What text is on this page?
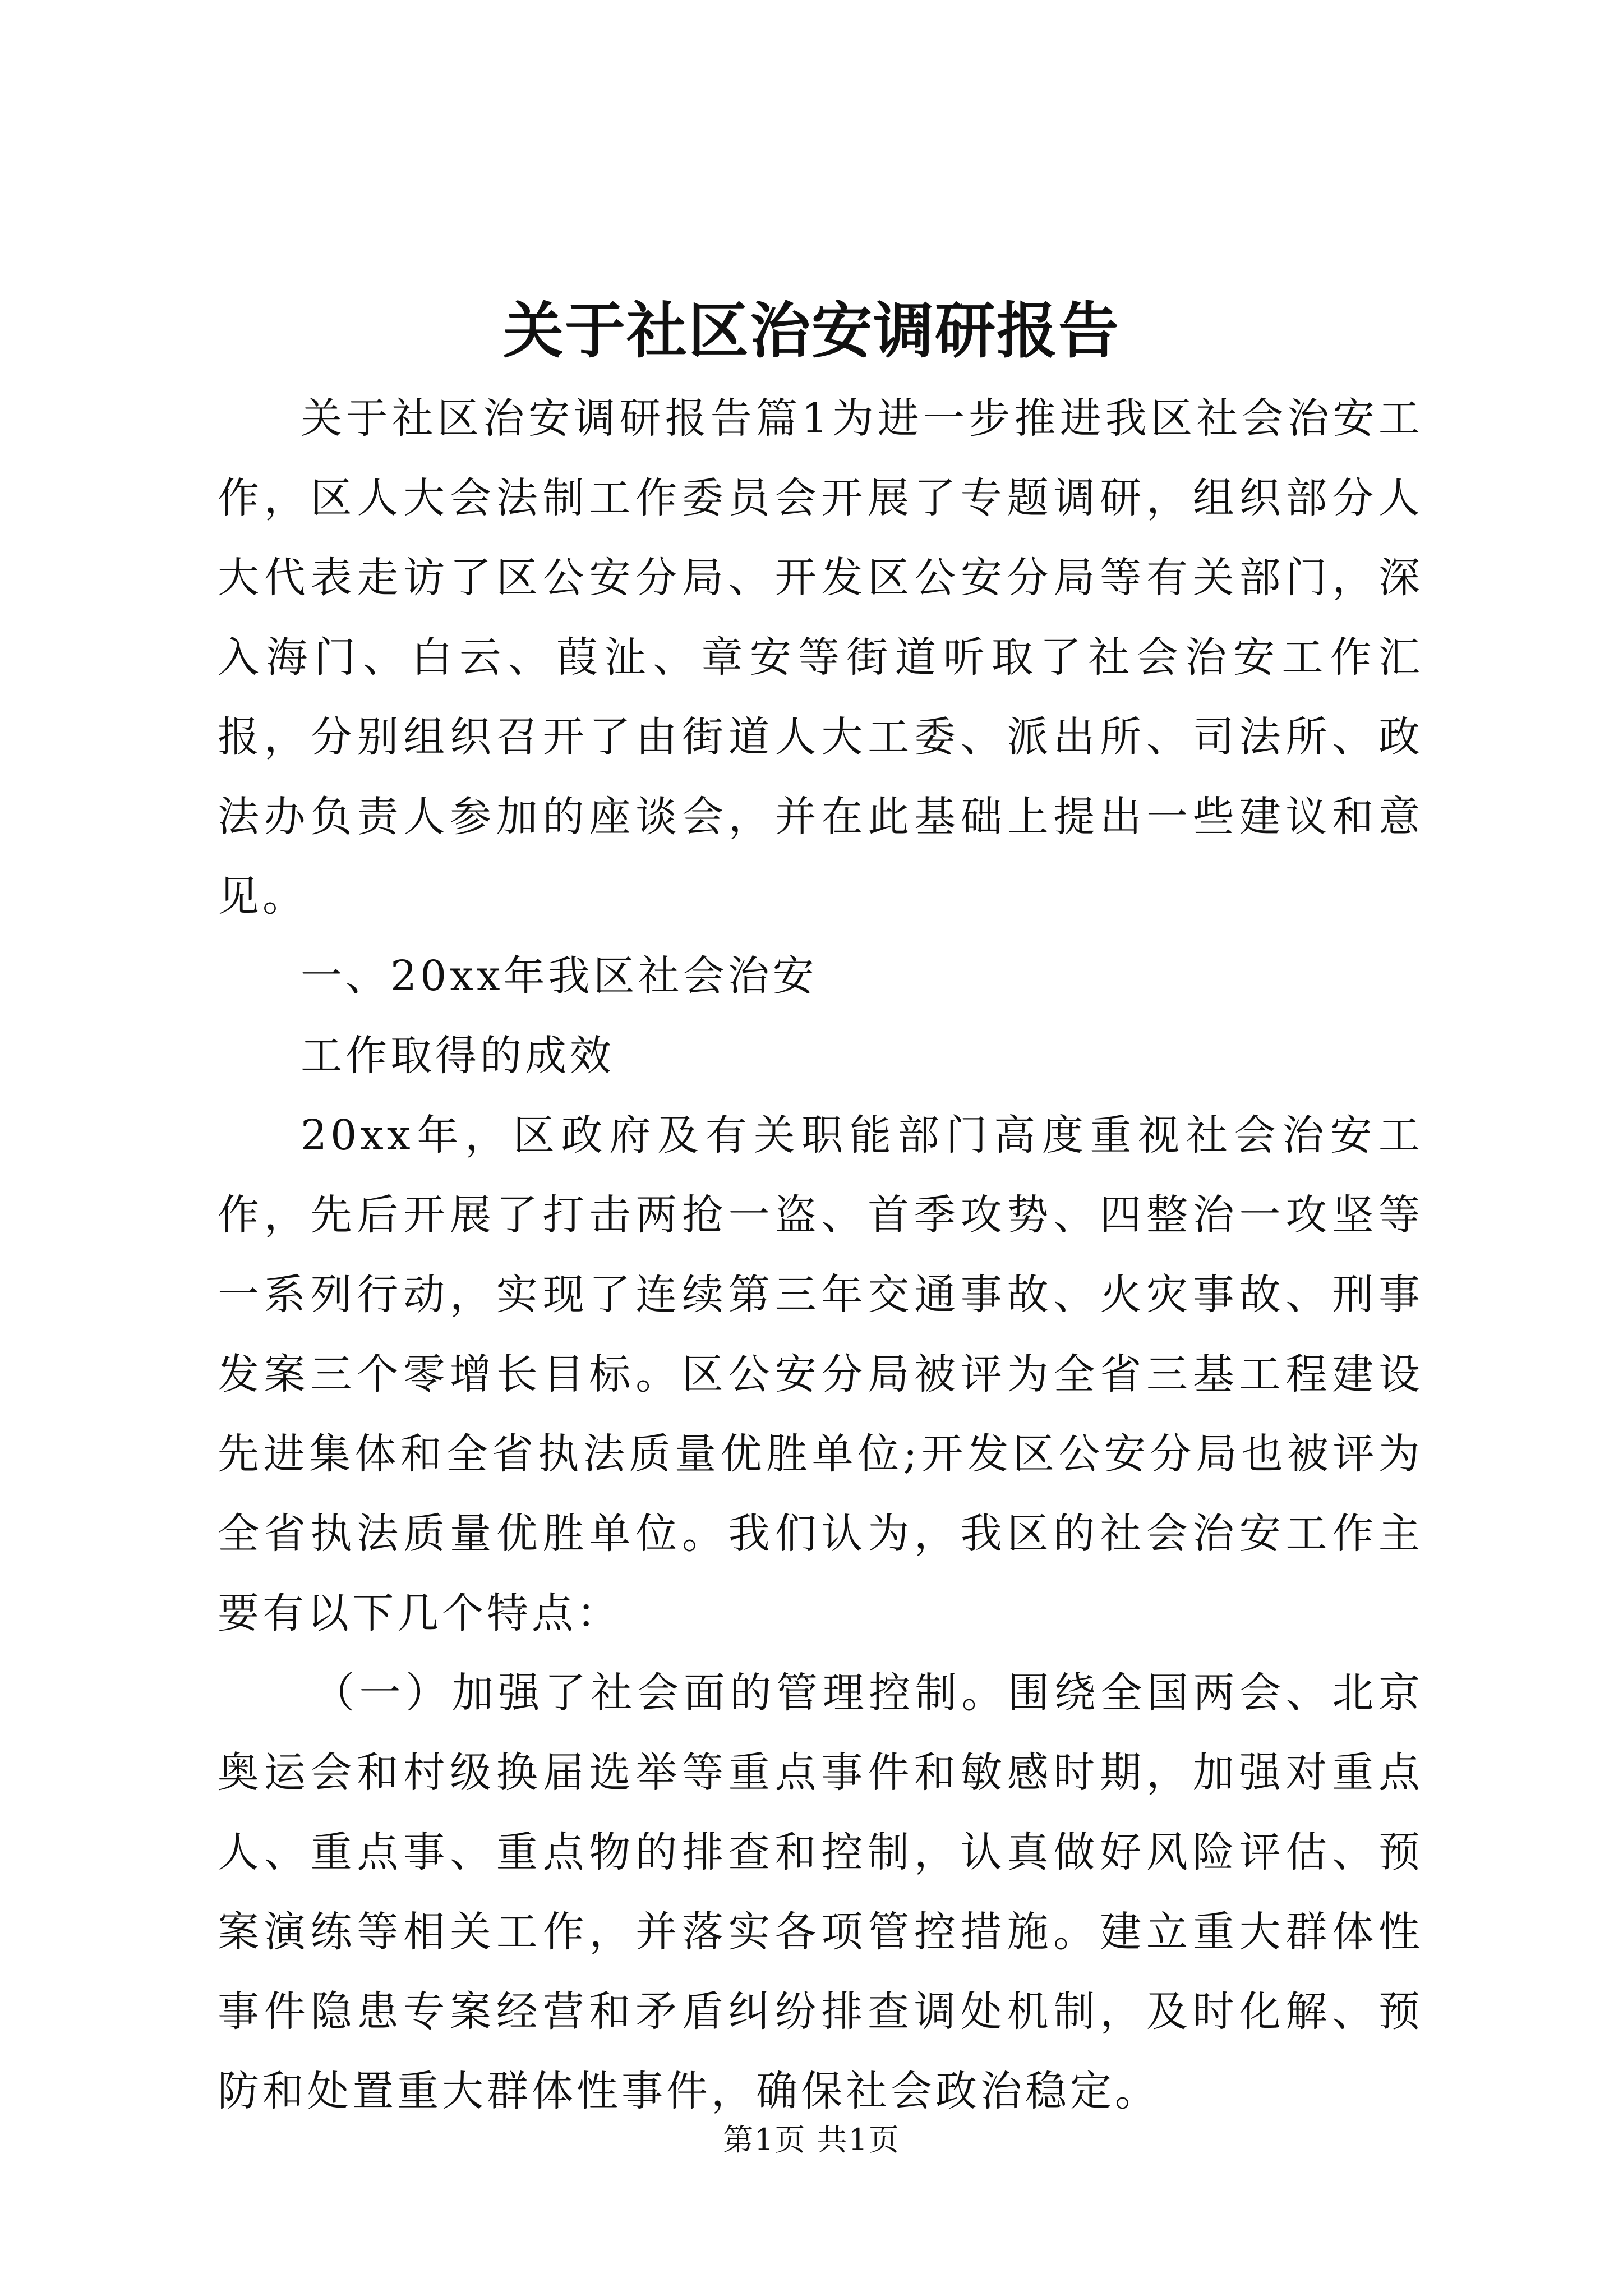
关于社区治安调研报告

关于社区治安调研报告篇1为进一步推进我区社会治安工作，区人大会法制工作委员会开展了专题调研，组织部分人大代表走访了区公安分局、开发区公安分局等有关部门，深入海门、白云、葭沚、章安等街道听取了社会治安工作汇报，分别组织召开了由街道人大工委、派出所、司法所、政法办负责人参加的座谈会，并在此基础上提出一些建议和意见。

一、20xx年我区社会治安

工作取得的成效

20xx年，区政府及有关职能部门高度重视社会治安工作，先后开展了打击两抢一盗、首季攻势、四整治一攻坚等一系列行动，实现了连续第三年交通事故、火灾事故、刑事发案三个零增长目标。区公安分局被评为全省三基工程建设先进集体和全省执法质量优胜单位;开发区公安分局也被评为全省执法质量优胜单位。我们认为，我区的社会治安工作主要有以下几个特点：

（一）加强了社会面的管理控制。围绕全国两会、北京奥运会和村级换届选举等重点事件和敏感时期，加强对重点人、重点事、重点物的排查和控制，认真做好风险评估、预案演练等相关工作，并落实各项管控措施。建立重大群体性事件隐患专案经营和矛盾纠纷排查调处机制，及时化解、预防和处置重大群体性事件，确保社会政治稳定。

第1页 共1页
